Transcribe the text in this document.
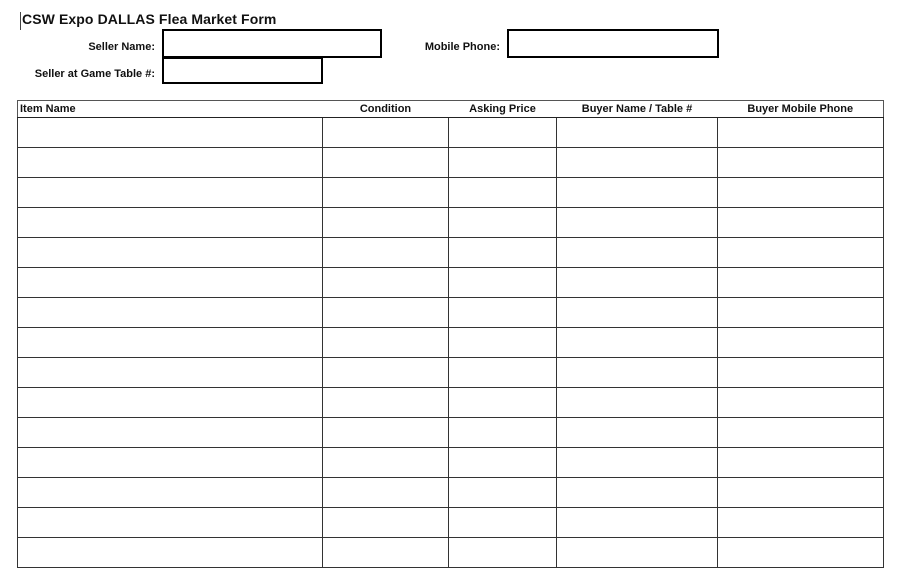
CSW Expo DALLAS Flea Market Form
Seller Name:	Mobile Phone:
Seller at Game Table #:
Item Name	Condition	Asking Price	Buyer Name / Table #	Buyer Mobile Phone
